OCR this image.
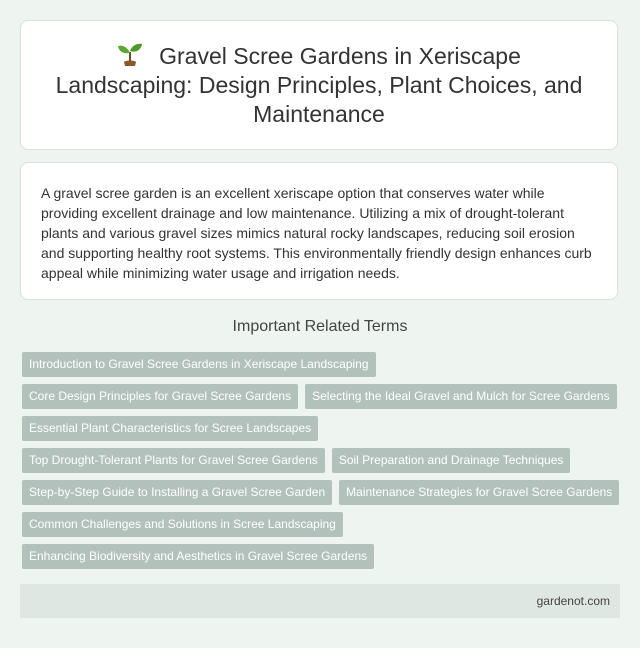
Gravel Scree Gardens in Xeriscape Landscaping: Design Principles, Plant Choices, and Maintenance

A gravel scree garden is an excellent xeriscape option that conserves water while providing excellent drainage and low maintenance. Utilizing a mix of drought-tolerant plants and various gravel sizes mimics natural rocky landscapes, reducing soil erosion and supporting healthy root systems. This environmentally friendly design enhances curb appeal while minimizing water usage and irrigation needs.

Important Related Terms
Introduction to Gravel Scree Gardens in Xeriscape Landscaping
Core Design Principles for Gravel Scree Gardens	Selecting the Ideal Gravel and Mulch for Scree Gardens
Essential Plant Characteristics for Scree Landscapes
Top Drought-Tolerant Plants for Gravel Scree Gardens	Soil Preparation and Drainage Techniques
Step-by-Step Guide to Installing a Gravel Scree Garden	Maintenance Strategies for Gravel Scree Gardens
Common Challenges and Solutions in Scree Landscaping
Enhancing Biodiversity and Aesthetics in Gravel Scree Gardens
gardenot.com
